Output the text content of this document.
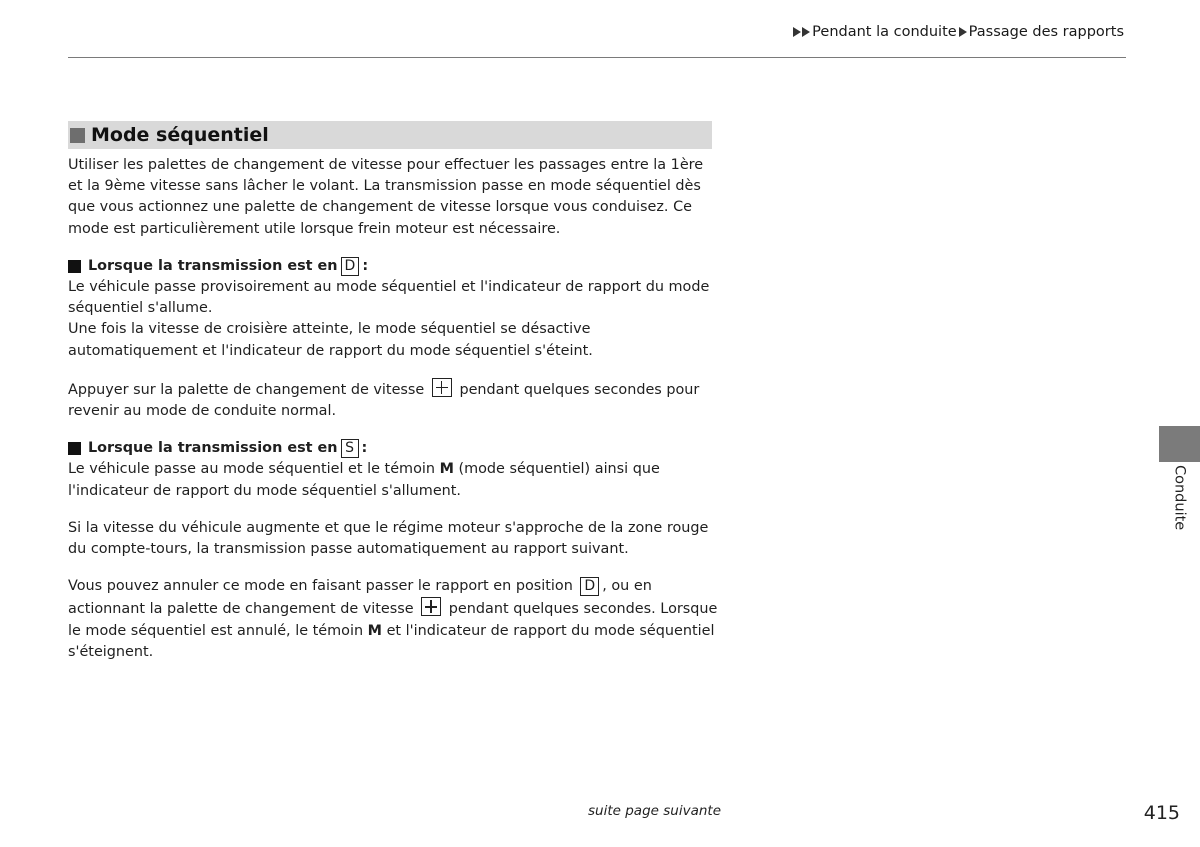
Pendant la conduite Passage des rapports
Mode séquentiel

Utiliser les palettes de changement de vitesse pour effectuer les passages entre la 1ère et la 9ème vitesse sans lâcher le volant. La transmission passe en mode séquentiel dès que vous actionnez une palette de changement de vitesse lorsque vous conduisez. Ce mode est particulièrement utile lorsque frein moteur est nécessaire.

Lorsque la transmission est en D :
Le véhicule passe provisoirement au mode séquentiel et l'indicateur de rapport du mode séquentiel s'allume.

Une fois la vitesse de croisière atteinte, le mode séquentiel se désactive automatiquement et l'indicateur de rapport du mode séquentiel s'éteint.

Appuyer sur la palette de changement de vitesse pendant quelques secondes pour revenir au mode de conduite normal.

Lorsque la transmission est en S :

Le véhicule passe au mode séquentiel et le témoin M (mode séquentiel) ainsi que l'indicateur de rapport du mode séquentiel s'allument.

Si la vitesse du véhicule augmente et que le régime moteur s'approche de la zone rouge du compte-tours, la transmission passe automatiquement au rapport suivant.

Vous pouvez annuler ce mode en faisant passer le rapport en position D , ou en actionnant la palette de changement de vitesse pendant quelques secondes. Lorsque le mode séquentiel est annulé, le témoin M et l'indicateur de rapport du mode séquentiel s'éteignent.

Conduite
suite page suivante	415
